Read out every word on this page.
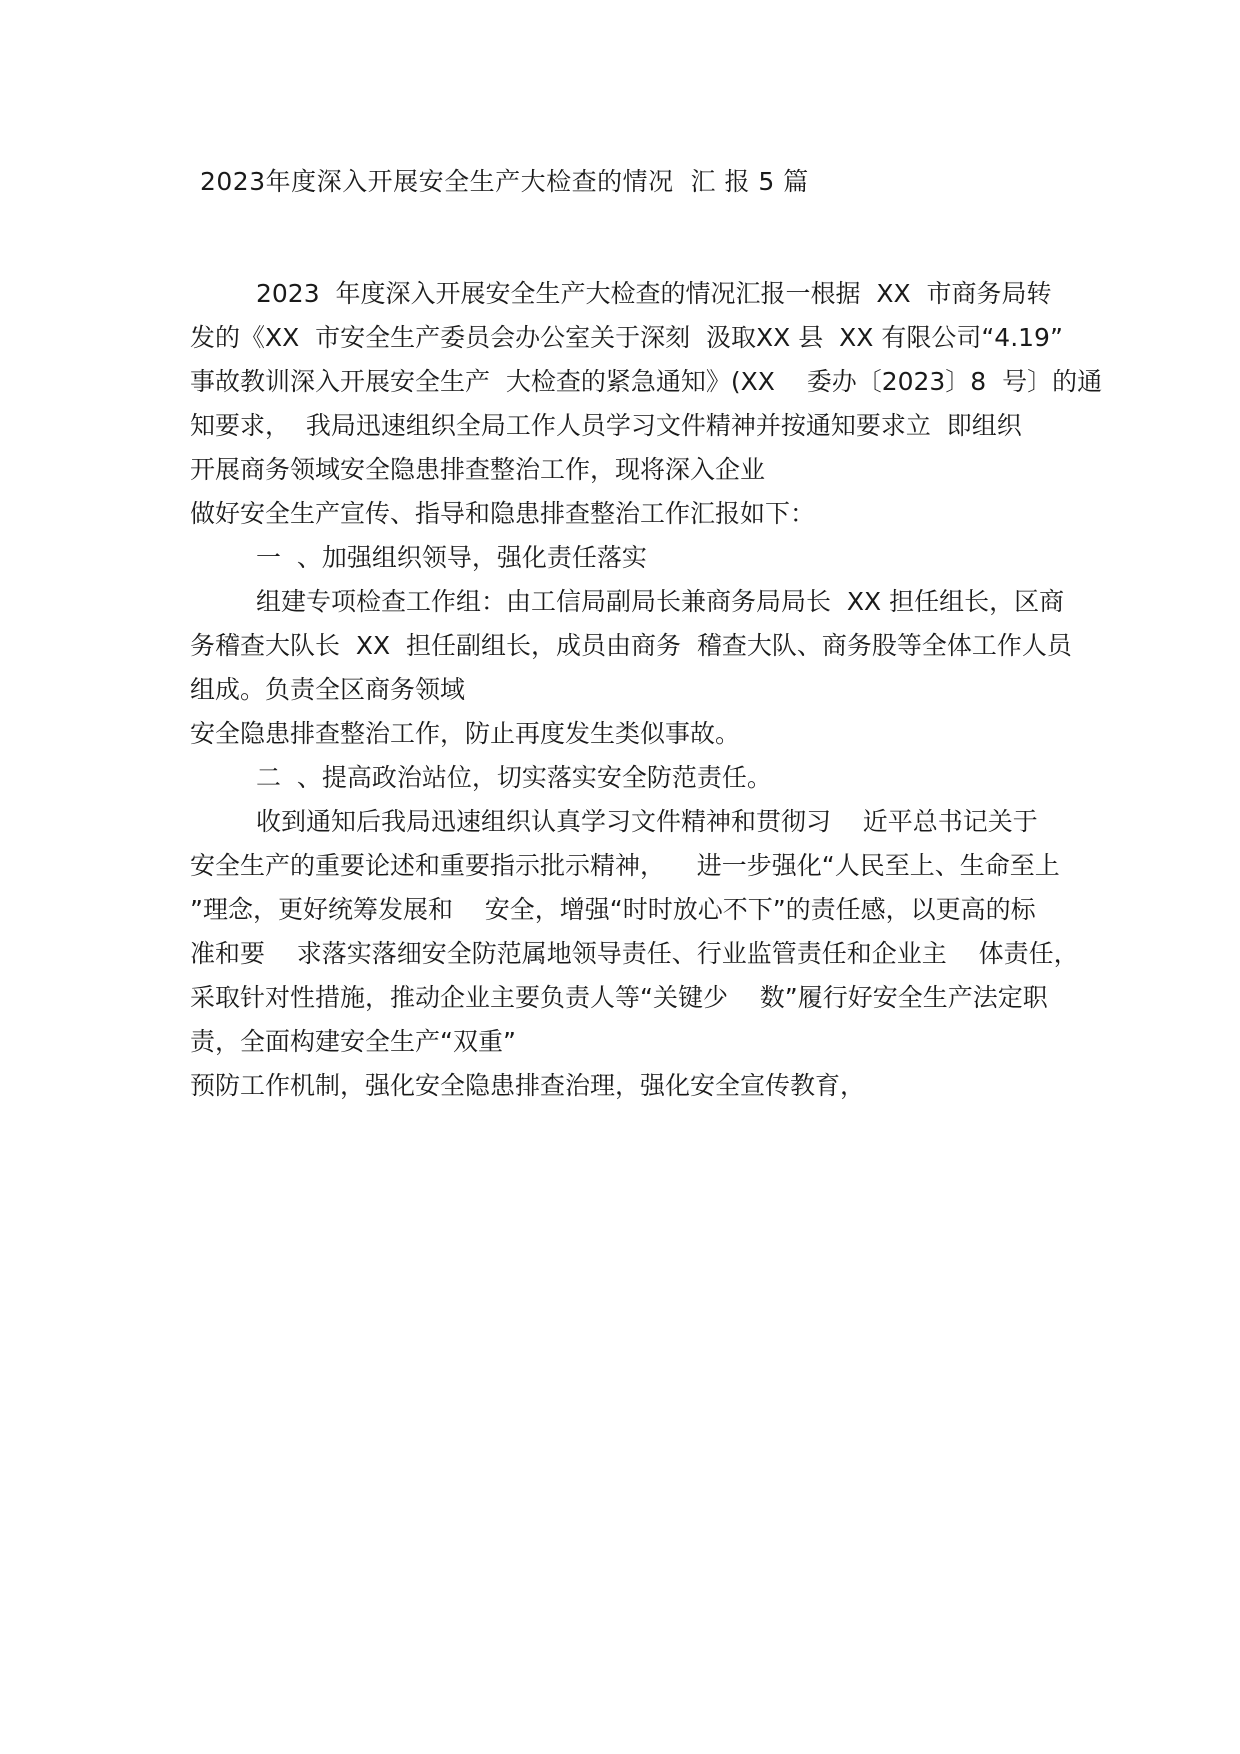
2023年度深入开展安全生产大检查的情况  汇 报 5 篇
2023  年度深入开展安全生产大检查的情况汇报一根据  XX  市商务局转
发的《XX  市安全生产委员会办公室关于深刻  汲取XX 县  XX 有限公司“4.19”
事故教训深入开展安全生产  大检查的紧急通知》(XX    委办〔2023〕8  号〕的通
知要求，  我局迅速组织全局工作人员学习文件精神并按通知要求立  即组织
开展商务领域安全隐患排查整治工作，现将深入企业
做好安全生产宣传、指导和隐患排查整治工作汇报如下：
一  、加强组织领导，强化责任落实
组建专项检查工作组：由工信局副局长兼商务局局长  XX 担任组长，区商
务稽查大队长  XX  担任副组长，成员由商务  稽查大队、商务股等全体工作人员
组成。负责全区商务领域
安全隐患排查整治工作，防止再度发生类似事故。
二  、提高政治站位，切实落实安全防范责任。
收到通知后我局迅速组织认真学习文件精神和贯彻习    近平总书记关于
安全生产的重要论述和重要指示批示精神，    进一步强化“人民至上、生命至上
”理念，更好统筹发展和    安全，增强“时时放心不下”的责任感，以更高的标
准和要    求落实落细安全防范属地领导责任、行业监管责任和企业主    体责任，
采取针对性措施，推动企业主要负责人等“关键少    数”履行好安全生产法定职
责，全面构建安全生产“双重”
预防工作机制，强化安全隐患排查治理，强化安全宣传教育，
